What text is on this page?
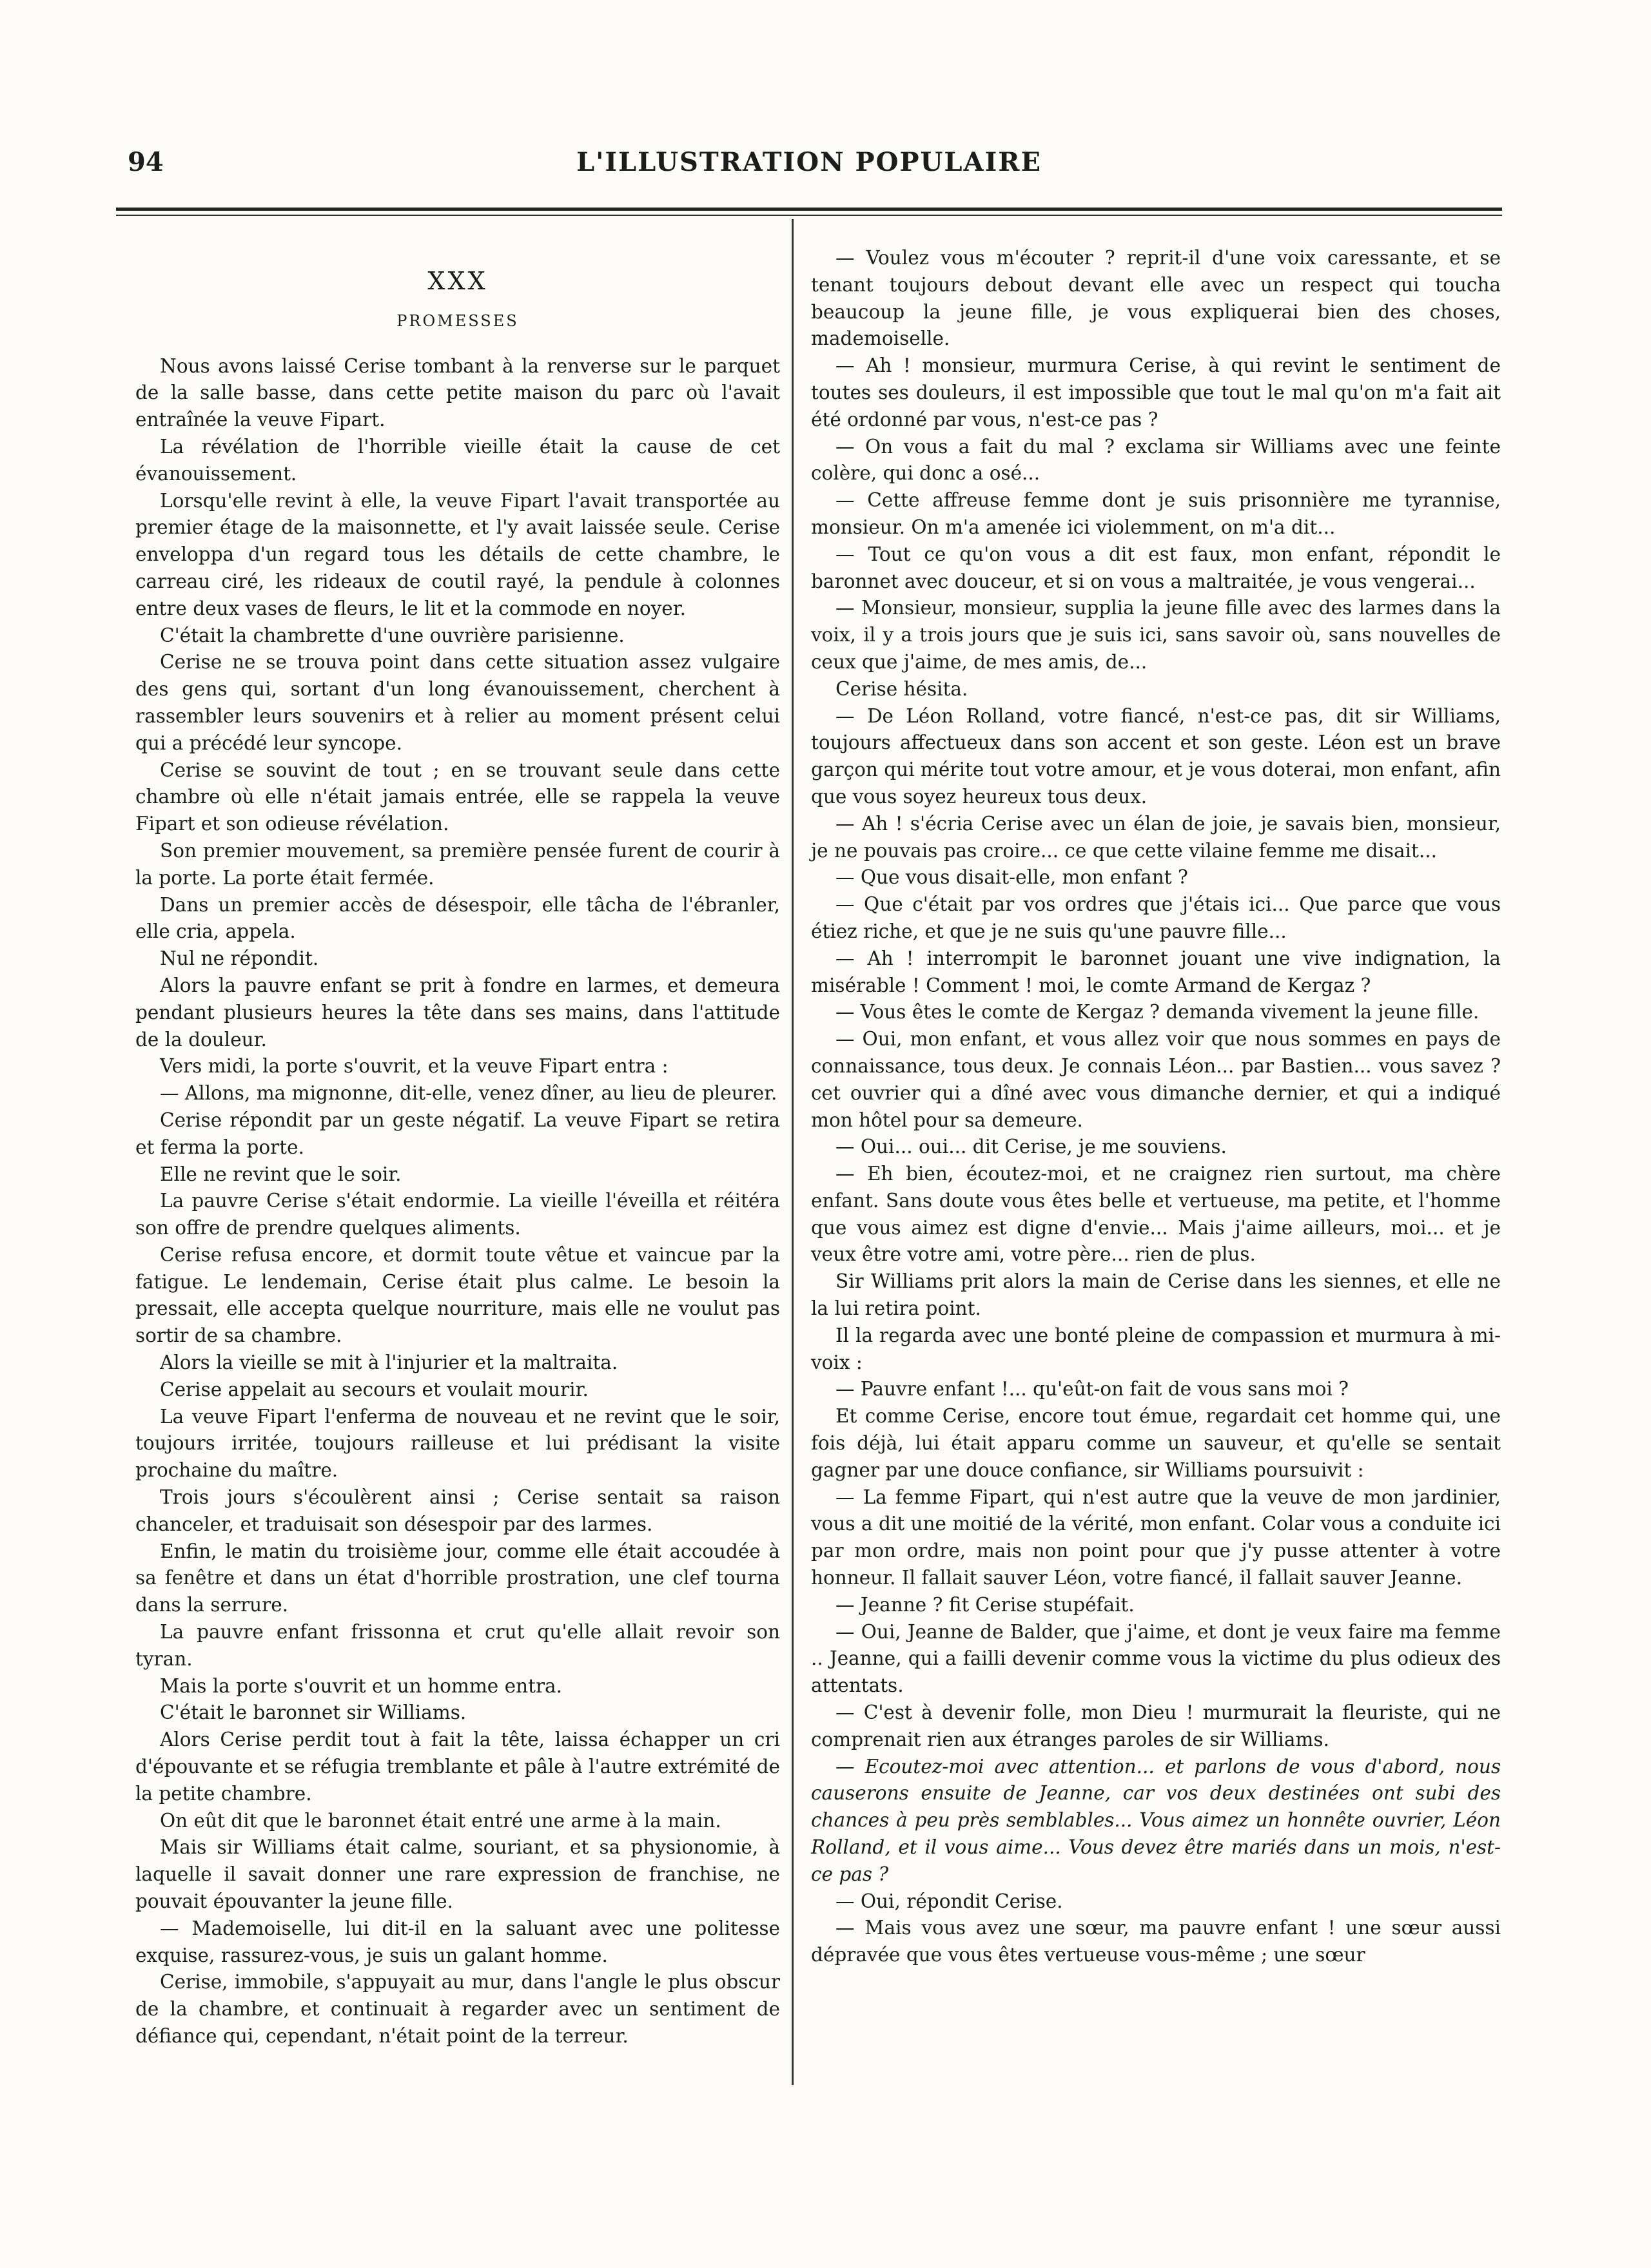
94	L'ILLUSTRATION POPULAIRE
XXX
PROMESSES

Nous avons laissé Cerise tombant à la renverse sur le parquet de la salle basse, dans cette petite maison du parc où l'avait entraînée la veuve Fipart.

La révélation de l'horrible vieille était la cause de cet évanouissement.

Lorsqu'elle revint à elle, la veuve Fipart l'avait transportée au premier étage de la maisonnette, et l'y avait laissée seule. Cerise enveloppa d'un regard tous les détails de cette chambre, le carreau ciré, les rideaux de coutil rayé, la pendule à colonnes entre deux vases de fleurs, le lit et la commode en noyer.

C'était la chambrette d'une ouvrière parisienne.

Cerise ne se trouva point dans cette situation assez vulgaire des gens qui, sortant d'un long évanouissement, cherchent à rassembler leurs souvenirs et à relier au moment présent celui qui a précédé leur syncope.

Cerise se souvint de tout ; en se trouvant seule dans cette chambre où elle n'était jamais entrée, elle se rappela la veuve Fipart et son odieuse révélation.

Son premier mouvement, sa première pensée furent de courir à la porte. La porte était fermée.

Dans un premier accès de désespoir, elle tâcha de l'ébranler, elle cria, appela.

Nul ne répondit.

Alors la pauvre enfant se prit à fondre en larmes, et demeura pendant plusieurs heures la tête dans ses mains, dans l'attitude de la douleur.

Vers midi, la porte s'ouvrit, et la veuve Fipart entra :

— Allons, ma mignonne, dit-elle, venez dîner, au lieu de pleurer.

Cerise répondit par un geste négatif. La veuve Fipart se retira et ferma la porte.

Elle ne revint que le soir.

La pauvre Cerise s'était endormie. La vieille l'éveilla et réitéra son offre de prendre quelques aliments.

Cerise refusa encore, et dormit toute vêtue et vaincue par la fatigue. Le lendemain, Cerise était plus calme. Le besoin la pressait, elle accepta quelque nourriture, mais elle ne voulut pas sortir de sa chambre.

Alors la vieille se mit à l'injurier et la maltraita.

Cerise appelait au secours et voulait mourir.

La veuve Fipart l'enferma de nouveau et ne revint que le soir, toujours irritée, toujours railleuse et lui prédisant la visite prochaine du maître.

Trois jours s'écoulèrent ainsi ; Cerise sentait sa raison chanceler, et traduisait son désespoir par des larmes.

Enfin, le matin du troisième jour, comme elle était accoudée à sa fenêtre et dans un état d'horrible prostration, une clef tourna dans la serrure.

La pauvre enfant frissonna et crut qu'elle allait revoir son tyran.

Mais la porte s'ouvrit et un homme entra.

C'était le baronnet sir Williams.

Alors Cerise perdit tout à fait la tête, laissa échapper un cri d'épouvante et se réfugia tremblante et pâle à l'autre extrémité de la petite chambre.

On eût dit que le baronnet était entré une arme à la main.

Mais sir Williams était calme, souriant, et sa physionomie, à laquelle il savait donner une rare expression de franchise, ne pouvait épouvanter la jeune fille.

— Mademoiselle, lui dit-il en la saluant avec une politesse exquise, rassurez-vous, je suis un galant homme.

Cerise, immobile, s'appuyait au mur, dans l'angle le plus obscur de la chambre, et continuait à regarder avec un sentiment de défiance qui, cependant, n'était point de la terreur.

— Voulez vous m'écouter ? reprit-il d'une voix caressante, et se tenant toujours debout devant elle avec un respect qui toucha beaucoup la jeune fille, je vous expliquerai bien des choses, mademoiselle.

— Ah ! monsieur, murmura Cerise, à qui revint le sentiment de toutes ses douleurs, il est impossible que tout le mal qu'on m'a fait ait été ordonné par vous, n'est-ce pas ?

— On vous a fait du mal ? exclama sir Williams avec une feinte colère, qui donc a osé...

— Cette affreuse femme dont je suis prisonnière me tyrannise, monsieur. On m'a amenée ici violemment, on m'a dit...

— Tout ce qu'on vous a dit est faux, mon enfant, répondit le baronnet avec douceur, et si on vous a maltraitée, je vous vengerai...

— Monsieur, monsieur, supplia la jeune fille avec des larmes dans la voix, il y a trois jours que je suis ici, sans savoir où, sans nouvelles de ceux que j'aime, de mes amis, de...

Cerise hésita.

— De Léon Rolland, votre fiancé, n'est-ce pas, dit sir Williams, toujours affectueux dans son accent et son geste. Léon est un brave garçon qui mérite tout votre amour, et je vous doterai, mon enfant, afin que vous soyez heureux tous deux.

— Ah ! s'écria Cerise avec un élan de joie, je savais bien, monsieur, je ne pouvais pas croire... ce que cette vilaine femme me disait...

— Que vous disait-elle, mon enfant ?

— Que c'était par vos ordres que j'étais ici... Que parce que vous étiez riche, et que je ne suis qu'une pauvre fille...

— Ah ! interrompit le baronnet jouant une vive indignation, la misérable ! Comment ! moi, le comte Armand de Kergaz ?

— Vous êtes le comte de Kergaz ? demanda vivement la jeune fille.

— Oui, mon enfant, et vous allez voir que nous sommes en pays de connaissance, tous deux. Je connais Léon... par Bastien... vous savez ? cet ouvrier qui a dîné avec vous dimanche dernier, et qui a indiqué mon hôtel pour sa demeure.

— Oui... oui... dit Cerise, je me souviens.

— Eh bien, écoutez-moi, et ne craignez rien surtout, ma chère enfant. Sans doute vous êtes belle et vertueuse, ma petite, et l'homme que vous aimez est digne d'envie... Mais j'aime ailleurs, moi... et je veux être votre ami, votre père... rien de plus.

Sir Williams prit alors la main de Cerise dans les siennes, et elle ne la lui retira point.

Il la regarda avec une bonté pleine de compassion et murmura à mi-voix :

— Pauvre enfant !... qu'eût-on fait de vous sans moi ?

Et comme Cerise, encore tout émue, regardait cet homme qui, une fois déjà, lui était apparu comme un sauveur, et qu'elle se sentait gagner par une douce confiance, sir Williams poursuivit :

— La femme Fipart, qui n'est autre que la veuve de mon jardinier, vous a dit une moitié de la vérité, mon enfant. Colar vous a conduite ici par mon ordre, mais non point pour que j'y pusse attenter à votre honneur. Il fallait sauver Léon, votre fiancé, il fallait sauver Jeanne.

— Jeanne ? fit Cerise stupéfait.

— Oui, Jeanne de Balder, que j'aime, et dont je veux faire ma femme .. Jeanne, qui a failli devenir comme vous la victime du plus odieux des attentats.

— C'est à devenir folle, mon Dieu ! murmurait la fleuriste, qui ne comprenait rien aux étranges paroles de sir Williams.

— Ecoutez-moi avec attention... et parlons de vous d'abord, nous causerons ensuite de Jeanne, car vos deux destinées ont subi des chances à peu près semblables... Vous aimez un honnête ouvrier, Léon Rolland, et il vous aime... Vous devez être mariés dans un mois, n'est-ce pas ?

— Oui, répondit Cerise.

— Mais vous avez une sœur, ma pauvre enfant ! une sœur aussi dépravée que vous êtes vertueuse vous-même ; une sœur
